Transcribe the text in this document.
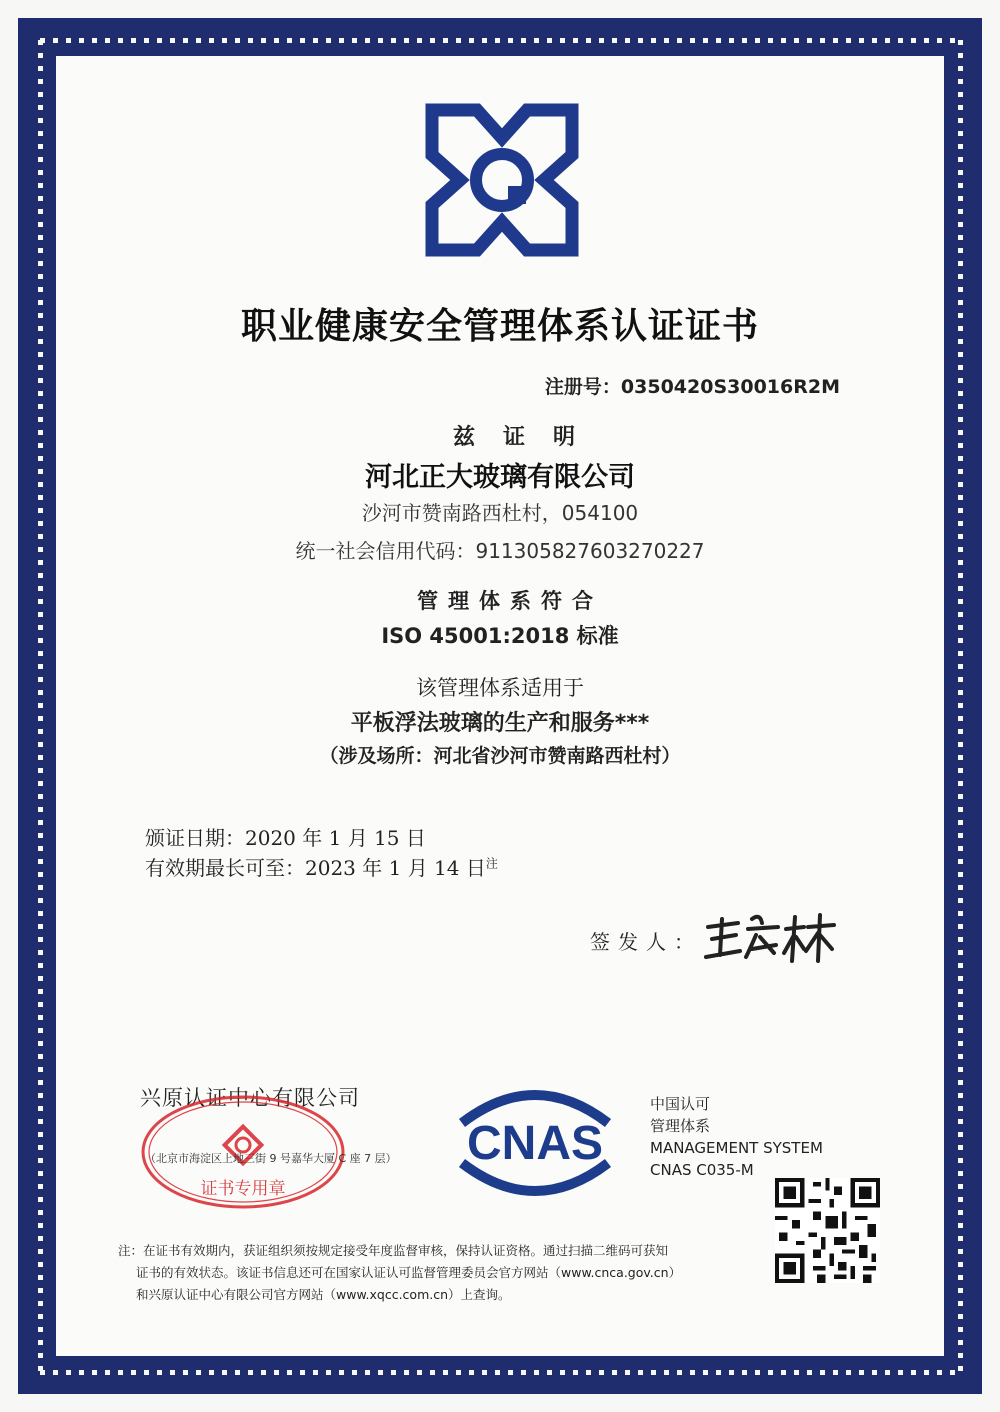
职业健康安全管理体系认证证书
注册号：0350420S30016R2M
兹证明
河北正大玻璃有限公司
沙河市赞南路西杜村，054100
统一社会信用代码：911305827603270227
管理体系符合
ISO 45001:2018 标准
该管理体系适用于
平板浮法玻璃的生产和服务***
（涉及场所：河北省沙河市赞南路西杜村）
颁证日期：2020 年 1 月 15 日
有效期最长可至：2023 年 1 月 14 日$^注$
签发人：
兴原认证中心有限公司
证书专用章
（北京市海淀区上地三街 9 号嘉华大厦 C 座 7 层） CNAS
中国认可
管理体系
MANAGEMENT SYSTEM
CNAS C035-M
注：在证书有效期内，获证组织须按规定接受年度监督审核，保持认证资格。通过扫描二维码可获知
证书的有效状态。该证书信息还可在国家认证认可监督管理委员会官方网站（www.cnca.gov.cn）
和兴原认证中心有限公司官方网站（www.xqcc.com.cn）上查询。
